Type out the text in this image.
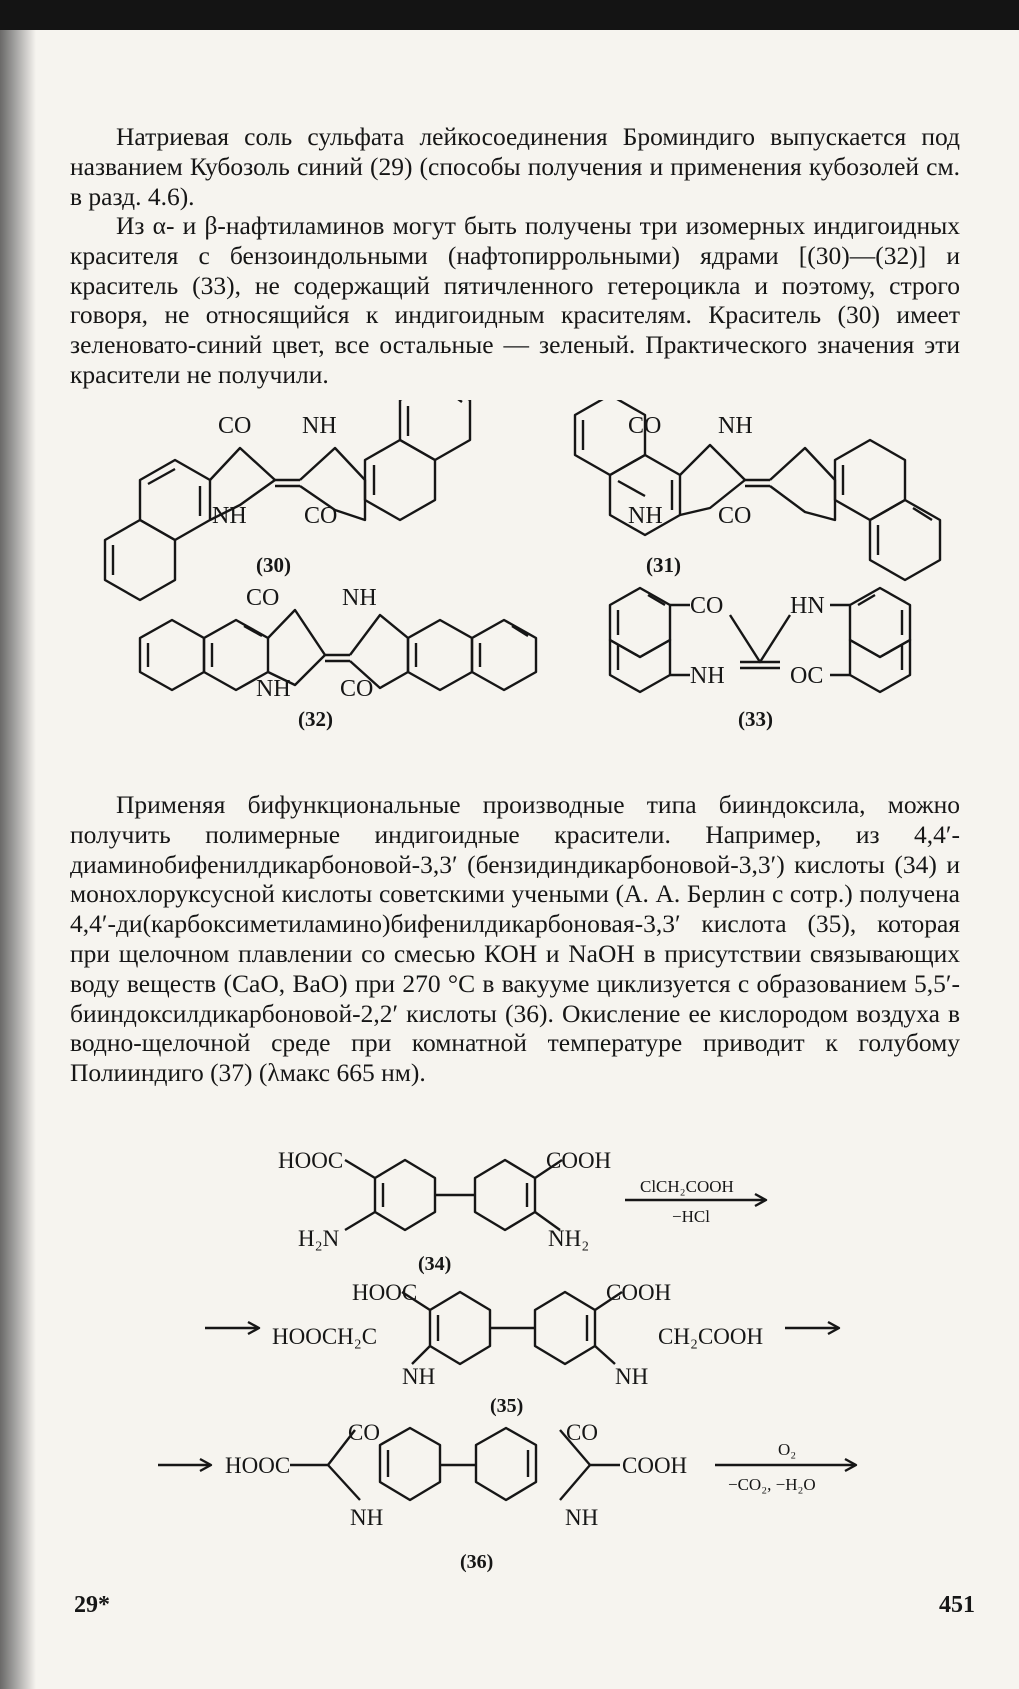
Натриевая соль сульфата лейкосоединения Броминдиго выпускается под названием Кубозоль синий (29) (способы получения и применения кубозолей см. в разд. 4.6).

Из α- и β-нафтиламинов могут быть получены три изомерных индигоидных красителя с бензоиндольными (нафтопиррольными) ядрами [(30)—(32)] и краситель (33), не содержащий пятичленного гетероцикла и поэтому, строго говоря, не относящийся к индигоидным красителям. Краситель (30) имеет зеленовато-синий цвет, все остальные — зеленый. Практического значения эти красители не получили.

CO NH
NH CO
(30)
CO NH
NH CO
(31)
CO	NH
NH CO
(32)
CO	HN
NH	OC
(33)

Применяя бифункциональные производные типа бииндоксила, можно получить полимерные индигоидные красители. Например, из 4,4′-диаминобифенилдикарбоновой-3,3′ (бензидиндикарбоновой-3,3′) кислоты (34) и монохлоруксусной кислоты советскими учеными (А. А. Берлин с сотр.) получена 4,4′-ди(карбоксиметиламино)бифенилдикарбоновая-3,3′ кислота (35), которая при щелочном плавлении со смесью КОН и NaOH в присутствии связывающих воду веществ (CaO, BaO) при 270 °C в вакууме циклизуется с образованием 5,5′-бииндоксилдикарбоновой-2,2′ кислоты (36). Окисление ее кислородом воздуха в водно-щелочной среде при комнатной температуре приводит к голубому Полииндиго (37) (λмакс 665 нм).

HOOC	COOH
H₂N	NH₂
(34)
ClCH₂COOH
−HCl
HOOC	COOH
HOOCH₂C	CH₂COOH
NH	NH
(35)
CO	CO
HOOC	COOH
NH	NH
O₂
−CO₂, −H₂O
(36)
29*	451
